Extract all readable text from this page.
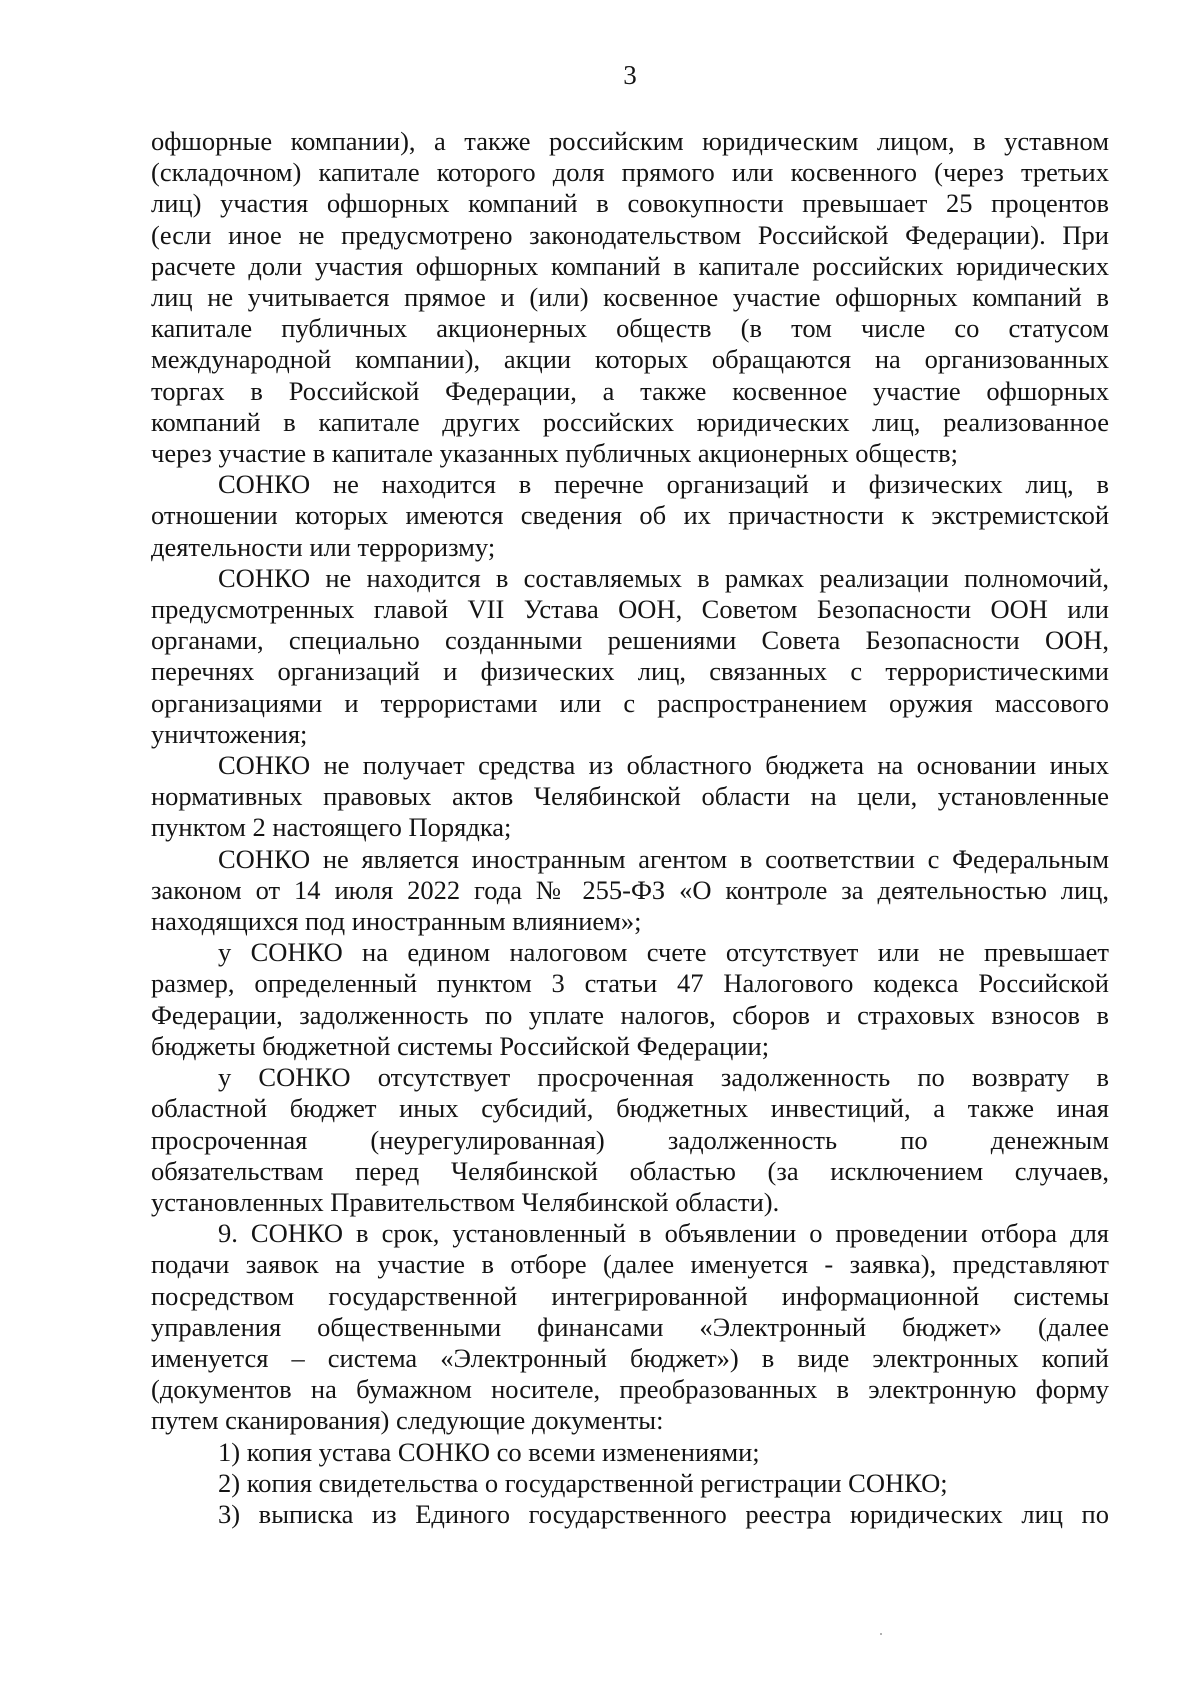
3
офшорные компании), а также российским юридическим лицом, в уставном
(складочном) капитале которого доля прямого или косвенного (через третьих
лиц) участия офшорных компаний в совокупности превышает 25 процентов
(если иное не предусмотрено законодательством Российской Федерации). При
расчете доли участия офшорных компаний в капитале российских юридических
лиц не учитывается прямое и (или) косвенное участие офшорных компаний в
капитале публичных акционерных обществ (в том числе со статусом
международной компании), акции которых обращаются на организованных
торгах в Российской Федерации, а также косвенное участие офшорных
компаний в капитале других российских юридических лиц, реализованное
через участие в капитале указанных публичных акционерных обществ;
СОНКО не находится в перечне организаций и физических лиц, в
отношении которых имеются сведения об их причастности к экстремистской
деятельности или терроризму;
СОНКО не находится в составляемых в рамках реализации полномочий,
предусмотренных главой VII Устава ООН, Советом Безопасности ООН или
органами, специально созданными решениями Совета Безопасности ООН,
перечнях организаций и физических лиц, связанных с террористическими
организациями и террористами или с распространением оружия массового
уничтожения;
СОНКО не получает средства из областного бюджета на основании иных
нормативных правовых актов Челябинской области на цели, установленные
пунктом 2 настоящего Порядка;
СОНКО не является иностранным агентом в соответствии с Федеральным
законом от 14 июля 2022 года № 255-ФЗ «О контроле за деятельностью лиц,
находящихся под иностранным влиянием»;
у СОНКО на едином налоговом счете отсутствует или не превышает
размер, определенный пунктом 3 статьи 47 Налогового кодекса Российской
Федерации, задолженность по уплате налогов, сборов и страховых взносов в
бюджеты бюджетной системы Российской Федерации;
у СОНКО отсутствует просроченная задолженность по возврату в
областной бюджет иных субсидий, бюджетных инвестиций, а также иная
просроченная (неурегулированная) задолженность по денежным
обязательствам перед Челябинской областью (за исключением случаев,
установленных Правительством Челябинской области).
9. СОНКО в срок, установленный в объявлении о проведении отбора для
подачи заявок на участие в отборе (далее именуется - заявка), представляют
посредством государственной интегрированной информационной системы
управления общественными финансами «Электронный бюджет» (далее
именуется – система «Электронный бюджет») в виде электронных копий
(документов на бумажном носителе, преобразованных в электронную форму
путем сканирования) следующие документы:
1) копия устава СОНКО со всеми изменениями;
2) копия свидетельства о государственной регистрации СОНКО;
3) выписка из Единого государственного реестра юридических лиц по
